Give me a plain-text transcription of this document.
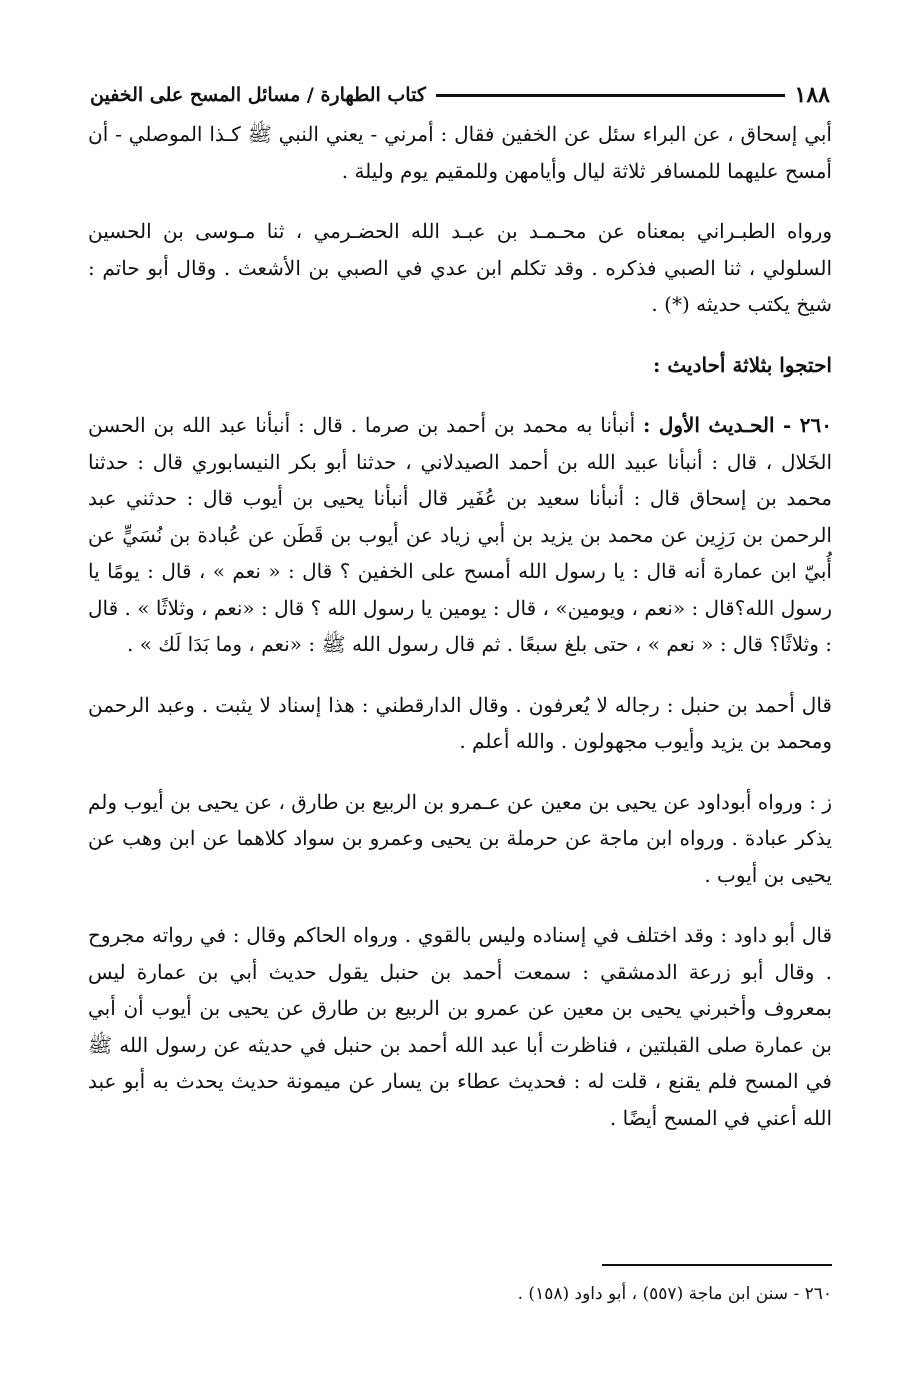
١٨٨
كتاب الطهارة / مسائل المسح على الخفين

أبي إسحاق ، عن البراء سئل عن الخفين فقال : أمرني - يعني النبي ﷺ كـذا الموصلي - أن أمسح عليهما للمسافر ثلاثة ليال وأيامهن وللمقيم يوم وليلة .

ورواه الطبـراني بمعناه عن محـمـد بن عبـد الله الحضـرمي ، ثنا مـوسى بن الحسين السلولي ، ثنا الصبي فذكره . وقد تكلم ابن عدي في الصبي بن الأشعث . وقال أبو حاتم : شيخ يكتب حديثه (*) .

احتجوا بثلاثة أحاديث :

٢٦٠ - الحـديث الأول : أنبأنا به محمد بن أحمد بن صرما . قال : أنبأنا عبد الله بن الحسن الخَلال ، قال : أنبأنا عبيد الله بن أحمد الصيدلاني ، حدثنا أبو بكر النيسابوري قال : حدثنا محمد بن إسحاق قال : أنبأنا سعيد بن عُفَير قال أنبأنا يحيى بن أيوب قال : حدثني عبد الرحمن بن رَزِين عن محمد بن يزيد بن أبي زياد عن أيوب بن قَطَن عن عُبادة بن نُسَيٍّ عن أُبيّ ابن عمارة أنه قال : يا رسول الله أمسح على الخفين ؟ قال : « نعم » ، قال : يومًا يا رسول الله؟قال : «نعم ، ويومين» ، قال : يومين يا رسول الله ؟ قال : «نعم ، وثلاثًا » . قال : وثلاثًا؟ قال : « نعم » ، حتى بلغ سبعًا . ثم قال رسول الله ﷺ : «نعم ، وما بَدَا لَك » .

قال أحمد بن حنبل : رجاله لا يُعرفون . وقال الدارقطني : هذا إسناد لا يثبت . وعبد الرحمن ومحمد بن يزيد وأيوب مجهولون . والله أعلم .

ز : ورواه أبوداود عن يحيى بن معين عن عـمرو بن الربيع بن طارق ، عن يحيى بن أيوب ولم يذكر عبادة . ورواه ابن ماجة عن حرملة بن يحيى وعمرو بن سواد كلاهما عن ابن وهب عن يحيى بن أيوب .

قال أبو داود : وقد اختلف في إسناده وليس بالقوي . ورواه الحاكم وقال : في رواته مجروح . وقال أبو زرعة الدمشقي : سمعت أحمد بن حنبل يقول حديث أبي بن عمارة ليس بمعروف وأخبرني يحيى بن معين عن عمرو بن الربيع بن طارق عن يحيى بن أيوب أن أبي بن عمارة صلى القبلتين ، فناظرت أبا عبد الله أحمد بن حنبل في حديثه عن رسول الله ﷺ في المسح فلم يقنع ، قلت له : فحديث عطاء بن يسار عن ميمونة حديث يحدث به أبو عبد الله أعني في المسح أيضًا .

٢٦٠ - سنن ابن ماجة (٥٥٧) ، أبو داود (١٥٨) .
